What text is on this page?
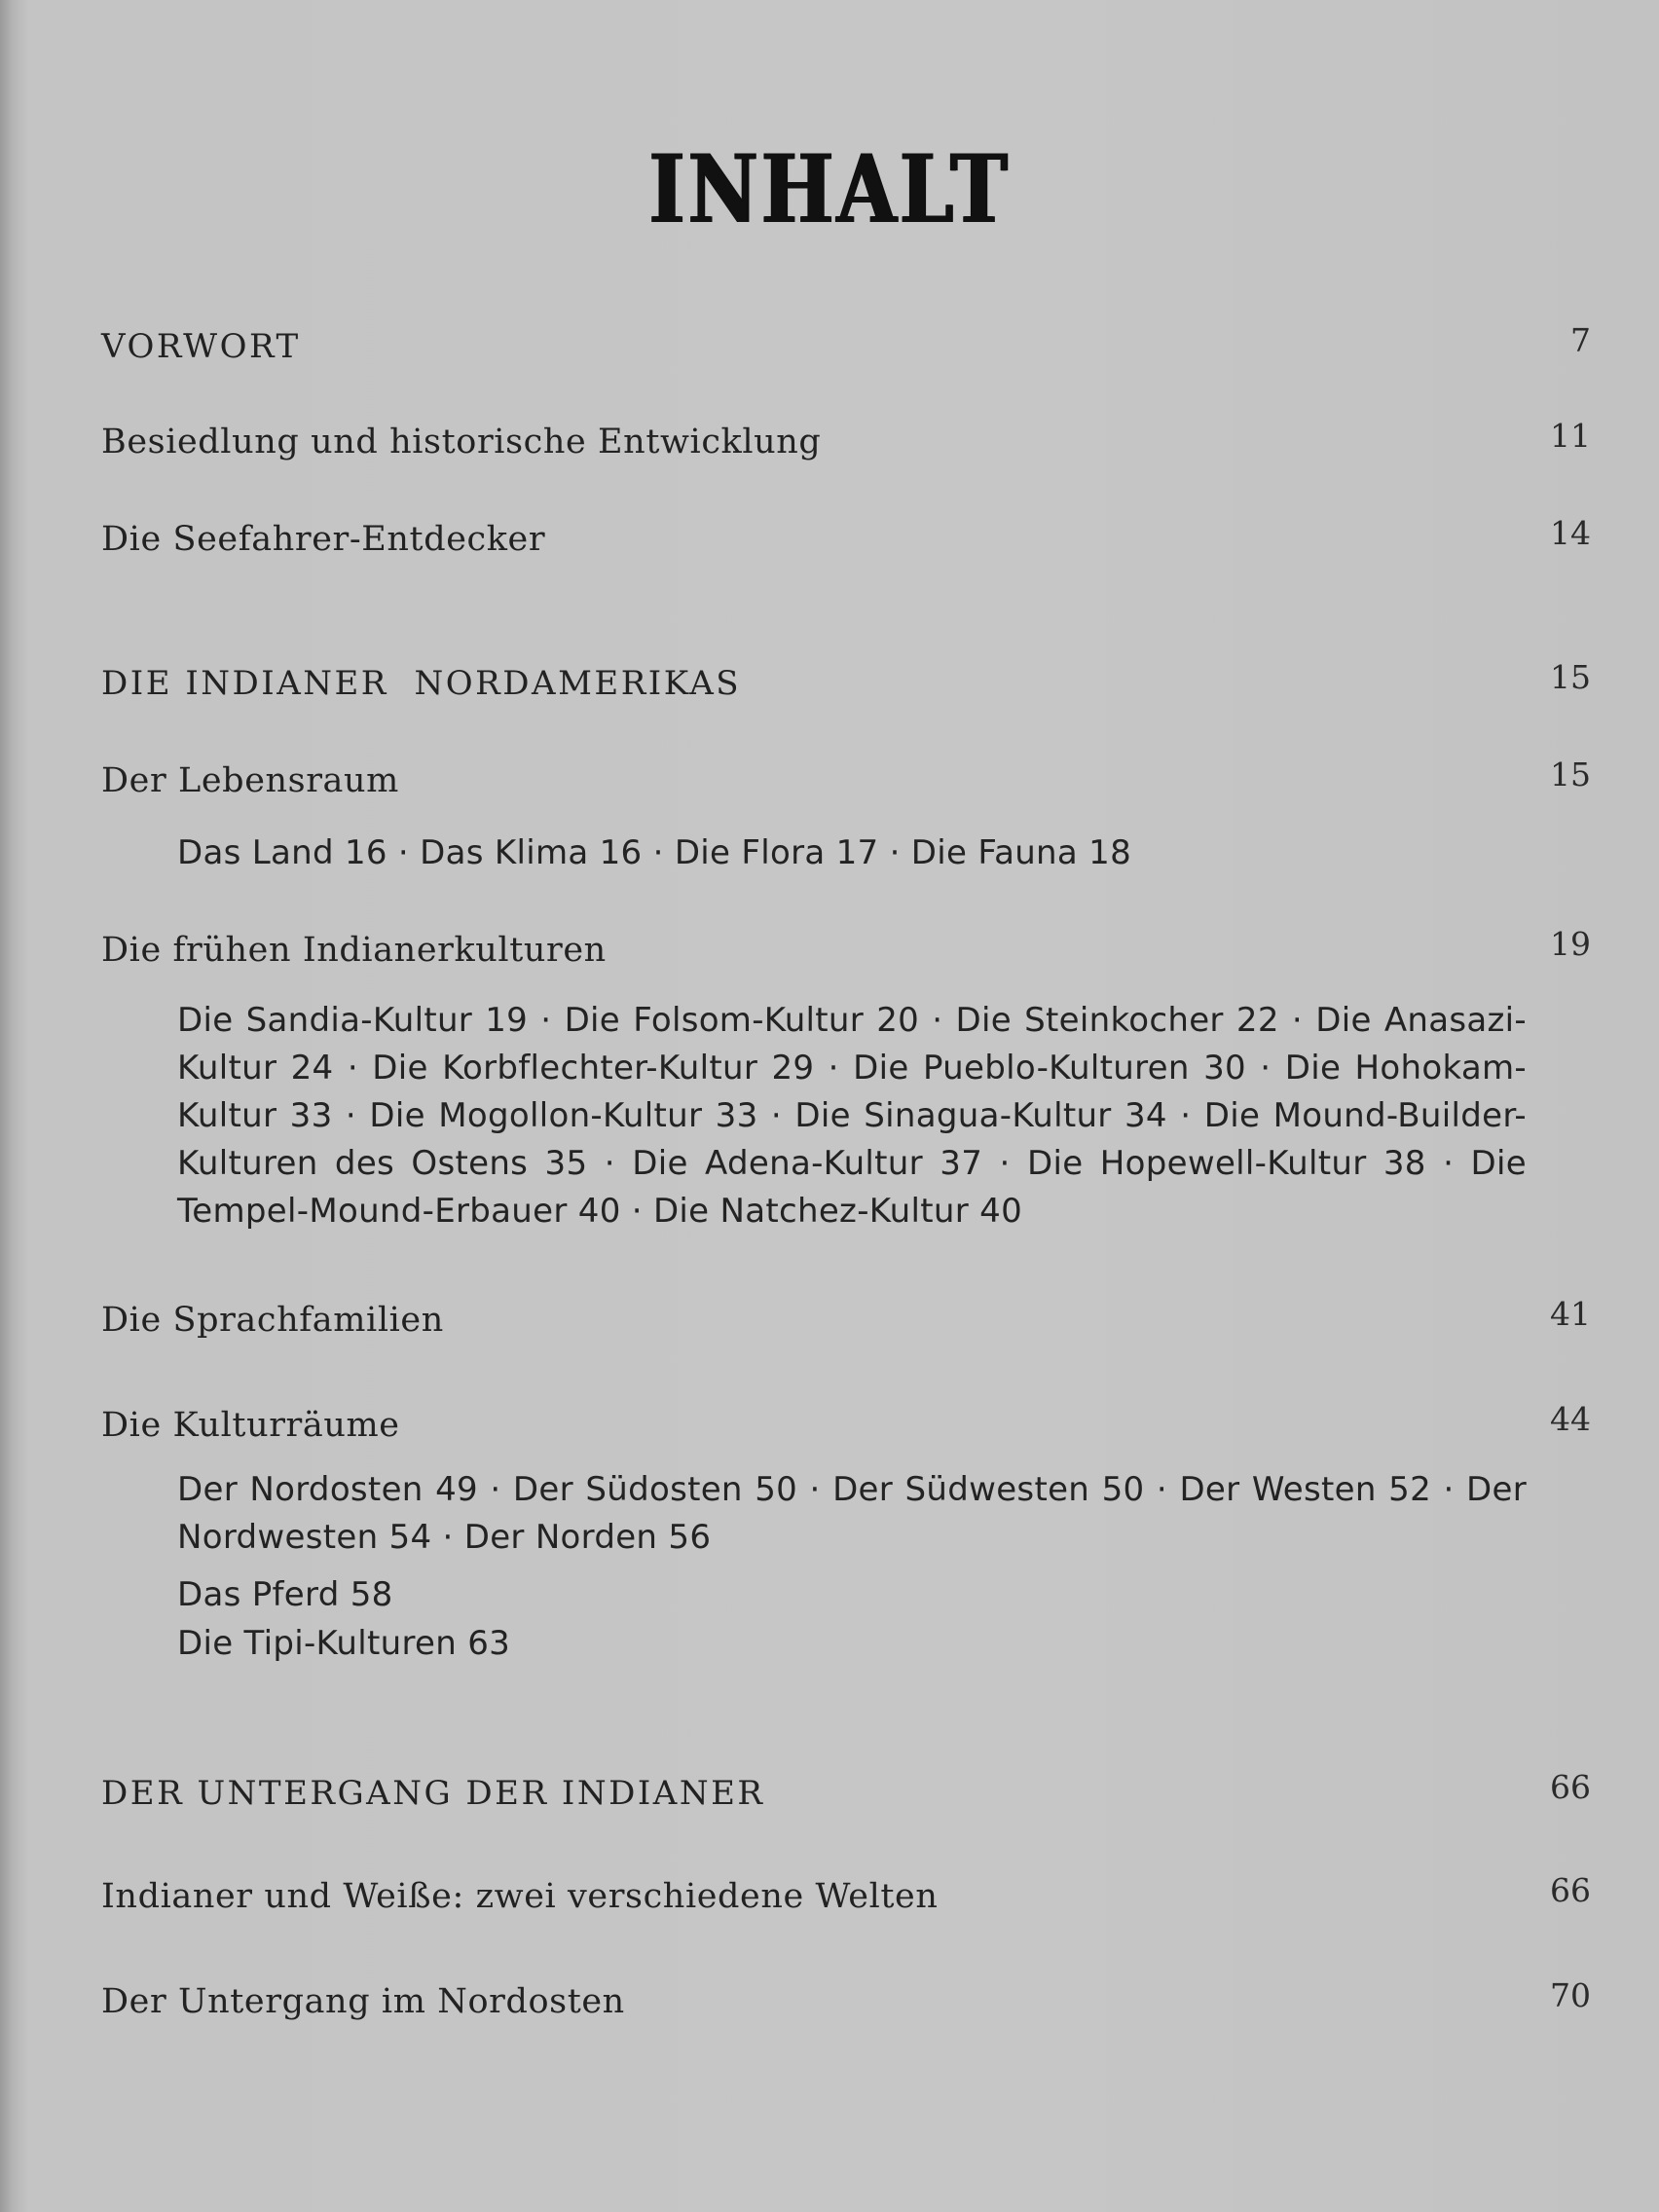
INHALT
VORWORT	7
Besiedlung und historische Entwicklung	11
Die Seefahrer-Entdecker	14
DIE INDIANER  NORDAMERIKAS	15
Der Lebensraum	15
Das Land 16 · Das Klima 16 · Die Flora 17 · Die Fauna 18
Die frühen Indianerkulturen	19
Die Sandia-Kultur 19 · Die Folsom-Kultur 20 · Die Steinkocher 22 · Die Anasazi-Kultur 24 · Die Korbflechter-Kultur 29 · Die Pueblo-Kulturen 30 · Die Hohokam-Kultur 33 · Die Mogollon-Kultur 33 · Die Sinagua-Kultur 34 · Die Mound-Builder-Kulturen des Ostens 35 · Die Adena-Kultur 37 · Die Hopewell-Kultur 38 · Die Tempel-Mound-Erbauer 40 · Die Natchez-Kultur 40
Die Sprachfamilien	41
Die Kulturräume	44
Der Nordosten 49 · Der Südosten 50 · Der Südwesten 50 · Der Westen 52 · Der Nordwesten 54 · Der Norden 56
Das Pferd 58
Die Tipi-Kulturen 63
DER UNTERGANG DER INDIANER	66
Indianer und Weiße: zwei verschiedene Welten	66
Der Untergang im Nordosten	70
